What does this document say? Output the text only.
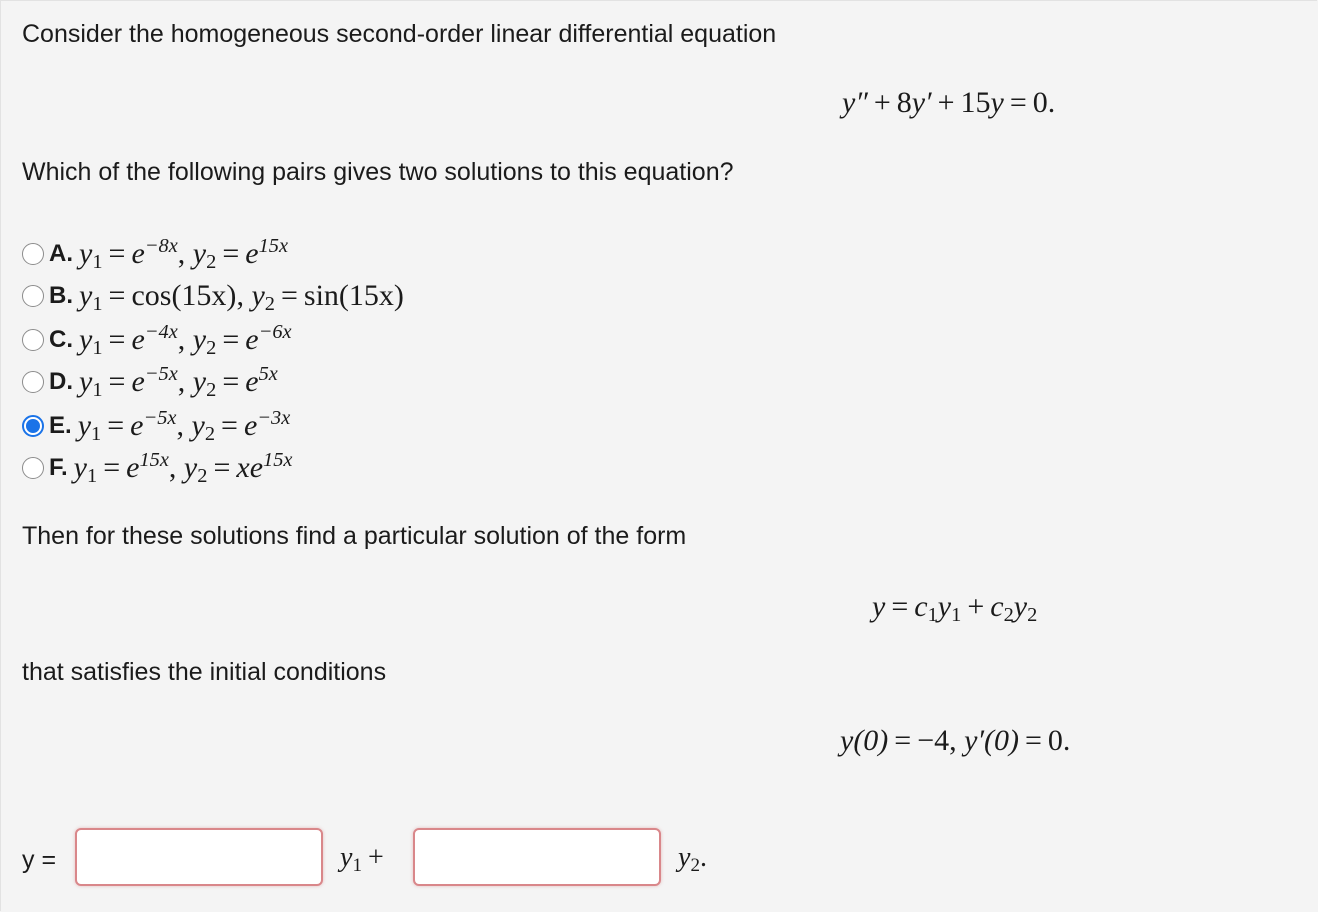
Consider the homogeneous second-order linear differential equation
y″ + 8y′ + 15y = 0.
Which of the following pairs gives two solutions to this equation?
A. $y_1 = e^{-8x}$, $y_2 = e^{15x}$
B. $y_1 = \cos(15x)$, $y_2 = \sin(15x)$
C. $y_1 = e^{-4x}$, $y_2 = e^{-6x}$
D. $y_1 = e^{-5x}$, $y_2 = e^{5x}$
E. $y_1 = e^{-5x}$, $y_2 = e^{-3x}$
F. $y_1 = e^{15x}$, $y_2 = xe^{15x}$
Then for these solutions find a particular solution of the form
$y = c_1y_1 + c_2y_2$
that satisfies the initial conditions
y(0) = −4, y′(0) = 0.
y =	$y_1$ +	$y_2$.
